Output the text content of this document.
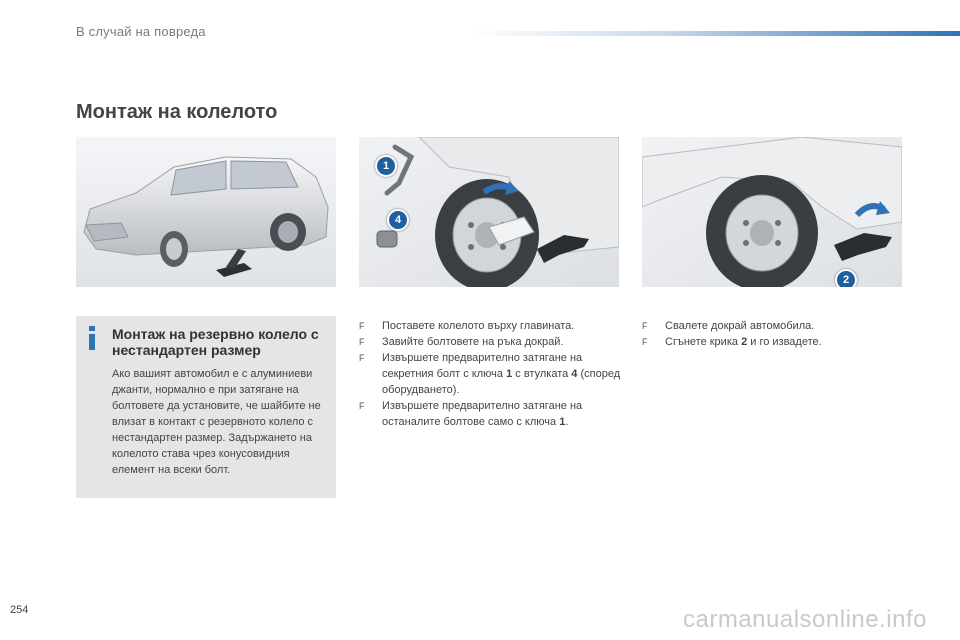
В случай на повреда
Монтаж на колелото
1
4
2
Монтаж на резервно колело с нестандартен размер
Ако вашият автомобил е с алуминиеви джанти, нормално е при затягане на болтовете да установите, че шайбите не влизат в контакт с резервното колело с нестандартен размер. Задържането на колелото става чрез конусовидния елемент на всеки болт.
F Поставете колелото върху главината.
F Завийте болтовете на ръка докрай.
F Извършете предварително затягане на секретния болт с ключа 1 с втулката 4 (според оборудването).
F Извършете предварително затягане на останалите болтове само с ключа 1.
F Свалете докрай автомобила.
F Сгънете крика 2 и го извадете.
254	carmanualsonline.info
